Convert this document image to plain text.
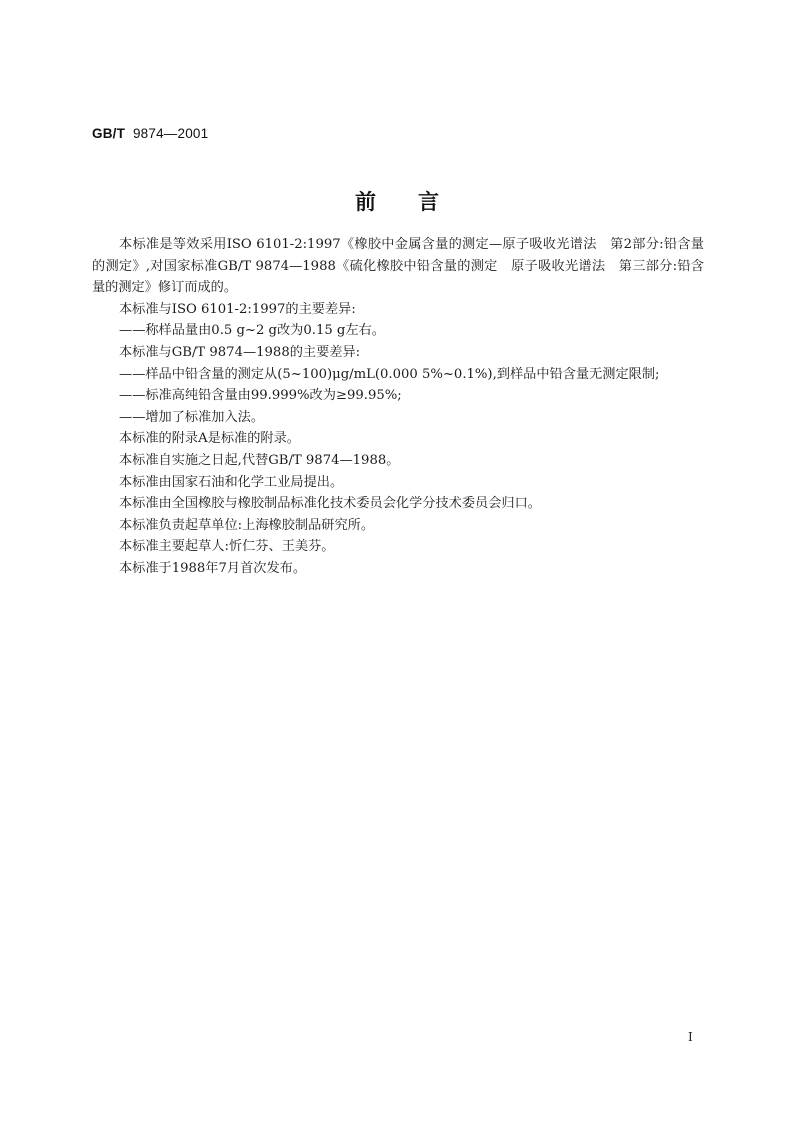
GB/T 9874—2001
前　　言

本标准是等效采用ISO 6101-2:1997《橡胶中金属含量的测定—原子吸收光谱法　第2部分:铅含量的测定》,对国家标准GB/T 9874—1988《硫化橡胶中铅含量的测定　原子吸收光谱法　第三部分:铅含量的测定》修订而成的。

本标准与ISO 6101-2:1997的主要差异:

——称样品量由0.5 g~2 g改为0.15 g左右。

本标准与GB/T 9874—1988的主要差异:

——样品中铅含量的测定从(5~100)μg/mL(0.000 5%~0.1%),到样品中铅含量无测定限制;

——标准高纯铅含量由99.999%改为≥99.95%;

——增加了标准加入法。

本标准的附录A是标准的附录。

本标准自实施之日起,代替GB/T 9874—1988。

本标准由国家石油和化学工业局提出。

本标准由全国橡胶与橡胶制品标准化技术委员会化学分技术委员会归口。

本标准负责起草单位:上海橡胶制品研究所。

本标准主要起草人:忻仁芬、王美芬。

本标准于1988年7月首次发布。

I
